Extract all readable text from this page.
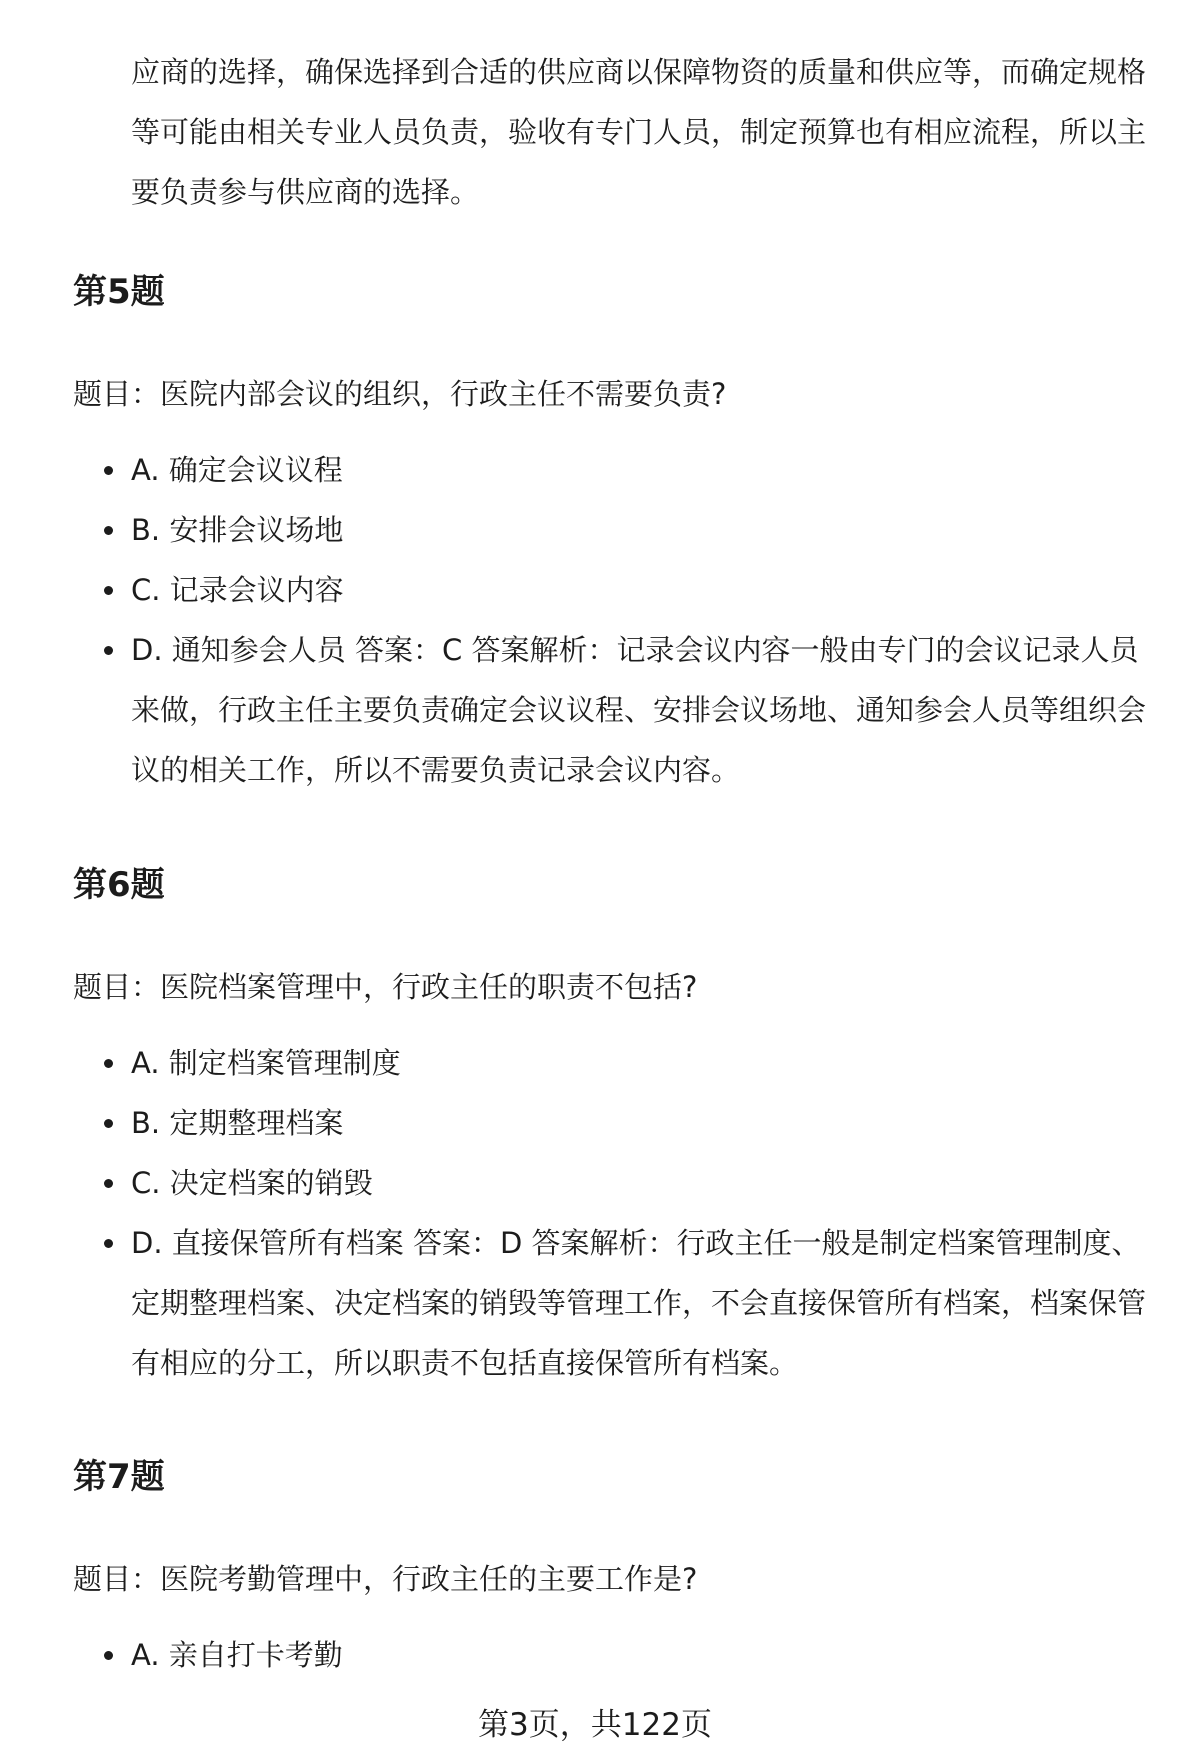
应商的选择，确保选择到合适的供应商以保障物资的质量和供应等，而确定规格等可能由相关专业人员负责，验收有专门人员，制定预算也有相应流程，所以主要负责参与供应商的选择。

第5题

题目：医院内部会议的组织，行政主任不需要负责?

A. 确定会议议程
B. 安排会议场地
C. 记录会议内容
D. 通知参会人员 答案：C 答案解析：记录会议内容一般由专门的会议记录人员来做，行政主任主要负责确定会议议程、安排会议场地、通知参会人员等组织会议的相关工作，所以不需要负责记录会议内容。
第6题

题目：医院档案管理中，行政主任的职责不包括?

A. 制定档案管理制度
B. 定期整理档案
C. 决定档案的销毁
D. 直接保管所有档案 答案：D 答案解析：行政主任一般是制定档案管理制度、定期整理档案、决定档案的销毁等管理工作，不会直接保管所有档案，档案保管有相应的分工，所以职责不包括直接保管所有档案。
第7题

题目：医院考勤管理中，行政主任的主要工作是?

A. 亲自打卡考勤

第3页，共122页
